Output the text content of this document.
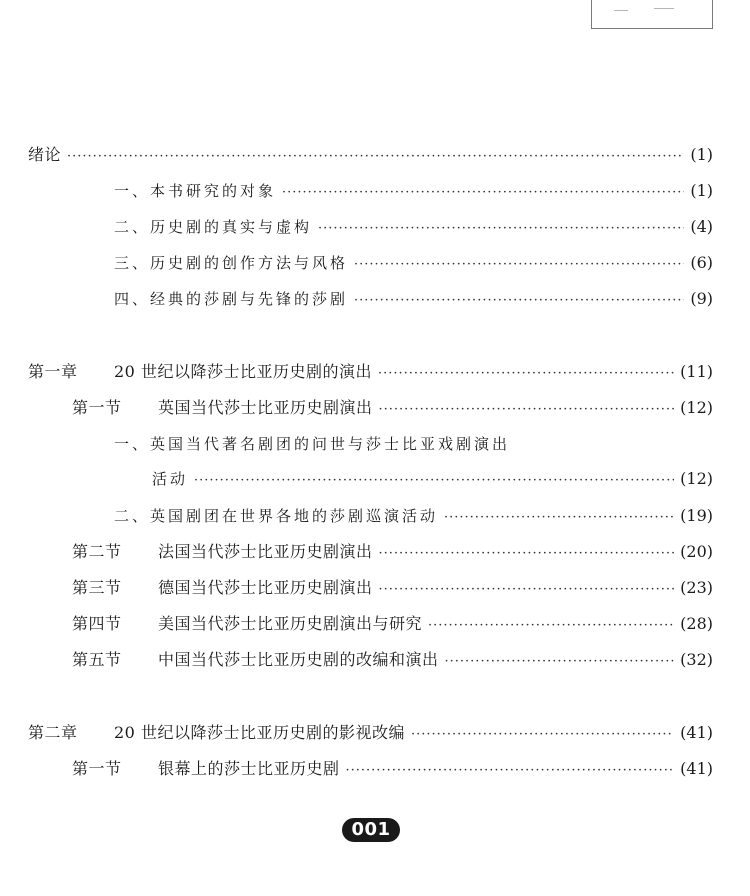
绪论 ·····	(1)
一、本书研究的对象 ·····	(1)
二、历史剧的真实与虚构 ·····	(4)
三、历史剧的创作方法与风格 ·····	(6)
四、经典的莎剧与先锋的莎剧 ·····	(9)
第一章	20 世纪以降莎士比亚历史剧的演出 ·····	(11)
第一节	英国当代莎士比亚历史剧演出 ·····	(12)
一、英国当代著名剧团的问世与莎士比亚戏剧演出
活动 ·····	(12)
二、英国剧团在世界各地的莎剧巡演活动 ·····	(19)
第二节	法国当代莎士比亚历史剧演出 ·····	(20)
第三节	德国当代莎士比亚历史剧演出 ·····	(23)
第四节	美国当代莎士比亚历史剧演出与研究 ·····	(28)
第五节	中国当代莎士比亚历史剧的改编和演出 ·····	(32)
第二章	20 世纪以降莎士比亚历史剧的影视改编 ·····	(41)
第一节	银幕上的莎士比亚历史剧 ·····	(41)
001
